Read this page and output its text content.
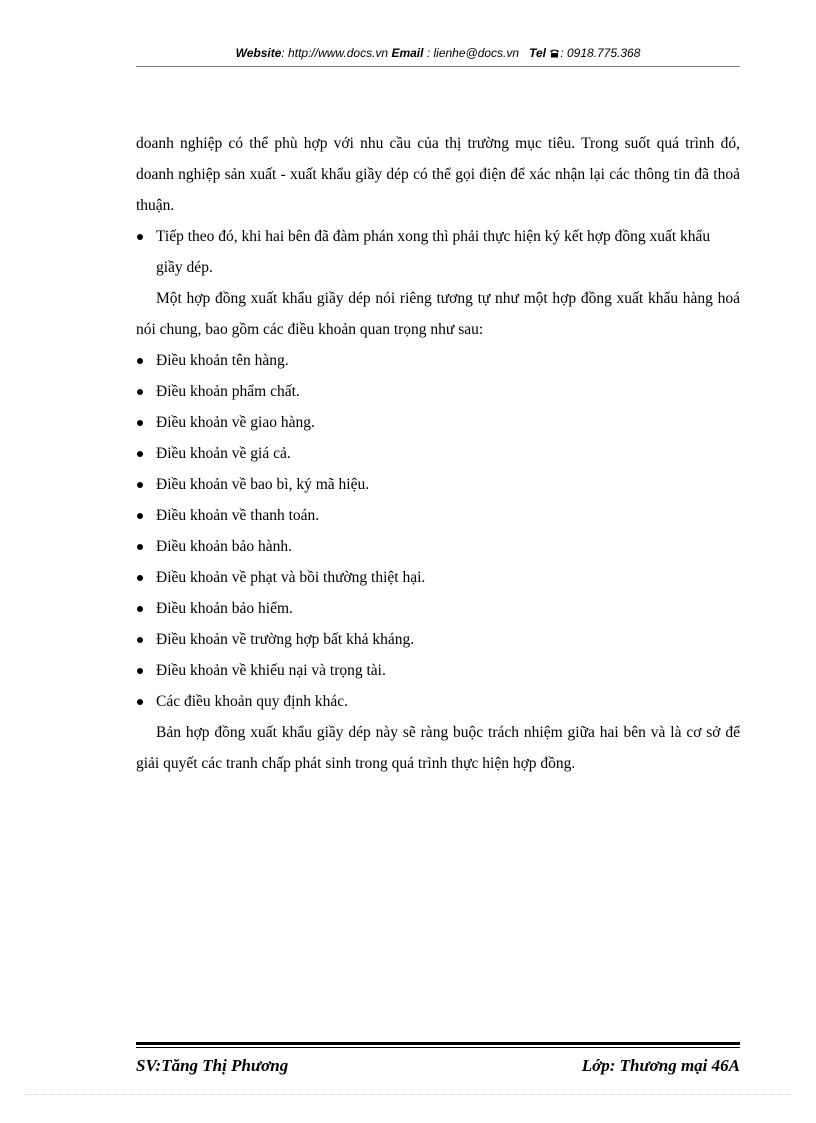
Website: http://www.docs.vn Email : lienhe@docs.vn Tel : 0918.775.368

doanh nghiệp có thể phù hợp với nhu cầu của thị trường mục tiêu. Trong suốt quá trình đó, doanh nghiệp sản xuất - xuất khẩu giầy dép có thể gọi điện để xác nhận lại các thông tin đã thoả thuận.

Tiếp theo đó, khi hai bên đã đàm phán xong thì phải thực hiện ký kết hợp đồng xuất khẩu giầy dép.

Một hợp đồng xuất khẩu giầy dép nói riêng tương tự như một hợp đồng xuất khẩu hàng hoá nói chung, bao gồm các điều khoản quan trọng như sau:

Điều khoản tên hàng.
Điều khoản phẩm chất.
Điều khoản về giao hàng.
Điều khoản về giá cả.
Điều khoản về bao bì, ký mã hiệu.
Điều khoản về thanh toán.
Điều khoản bảo hành.
Điều khoản về phạt và bồi thường thiệt hại.
Điều khoản bảo hiểm.
Điều khoản về trường hợp bất khả kháng.
Điều khoản về khiếu nại và trọng tài.
Các điều khoản quy định khác.

Bản hợp đồng xuất khẩu giầy dép này sẽ ràng buộc trách nhiệm giữa hai bên và là cơ sở để giải quyết các tranh chấp phát sinh trong quá trình thực hiện hợp đồng.

SV:Tăng Thị Phương	Lớp: Thương mại 46A
